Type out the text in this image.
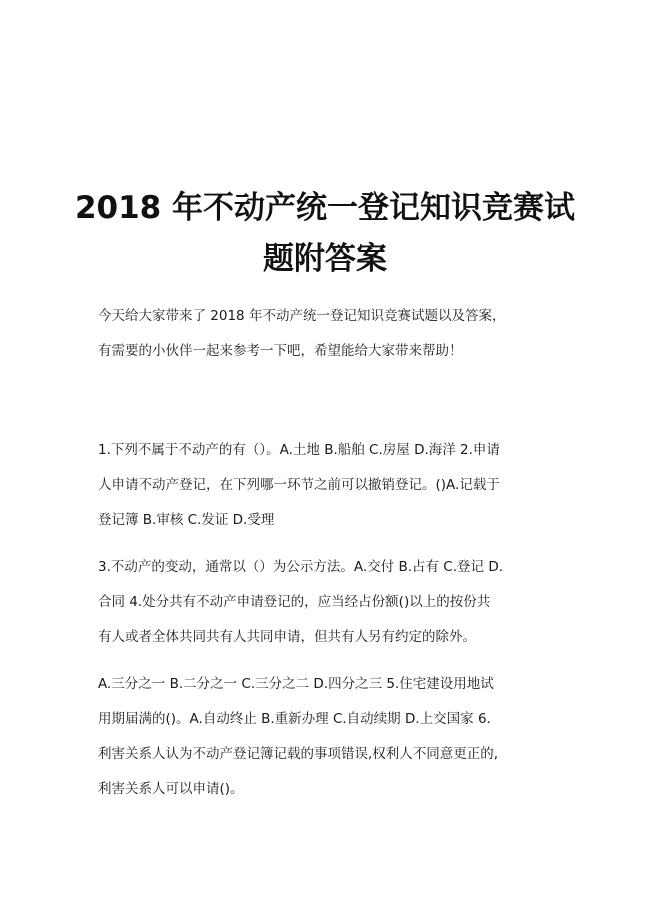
2018 年不动产统一登记知识竞赛试
题附答案
今天给大家带来了 2018 年不动产统一登记知识竞赛试题以及答案，
有需要的小伙伴一起来参考一下吧，希望能给大家带来帮助！
1.下列不属于不动产的有（）。A.土地 B.船舶 C.房屋 D.海洋 2.申请
人申请不动产登记，在下列哪一环节之前可以撤销登记。()A.记载于
登记簿 B.审核 C.发证 D.受理
3.不动产的变动，通常以（）为公示方法。A.交付 B.占有 C.登记 D.
合同 4.处分共有不动产申请登记的，应当经占份额()以上的按份共
有人或者全体共同共有人共同申请，但共有人另有约定的除外。
A.三分之一 B.二分之一 C.三分之二 D.四分之三 5.住宅建设用地试
用期届满的()。A.自动终止 B.重新办理 C.自动续期 D.上交国家 6.
利害关系人认为不动产登记簿记载的事项错误,权利人不同意更正的,
利害关系人可以申请()。
